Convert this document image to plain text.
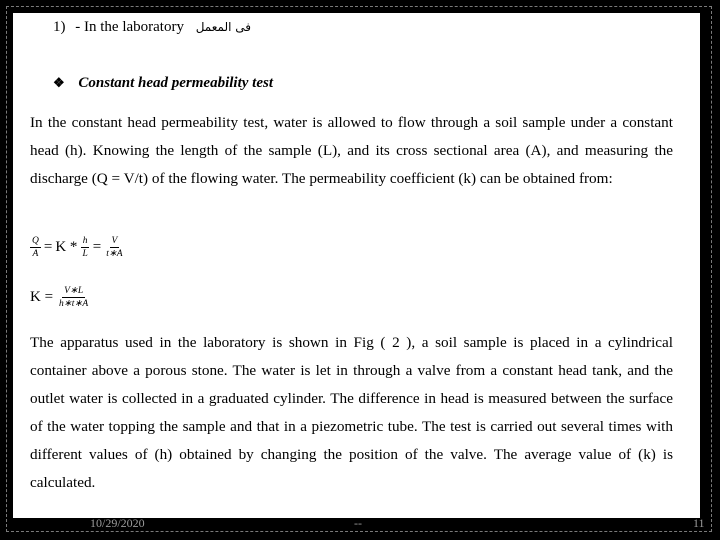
1) - In the laboratory فى المعمل
❖ Constant head permeability test
In the constant head permeability test, water is allowed to flow through a soil sample under a constant head (h). Knowing the length of the sample (L), and its cross sectional area (A), and measuring the discharge (Q = V/t) of the flowing water. The permeability coefficient (k) can be obtained from:
$\frac{Q}{A} = K * \frac{h}{L} = \frac{V}{t∗A}$
$K = \frac{V∗L}{h∗t∗A}$
The apparatus used in the laboratory is shown in Fig ( 2 ), a soil sample is placed in a cylindrical container above a porous stone. The water is let in through a valve from a constant head tank, and the outlet water is collected in a graduated cylinder. The difference in head is measured between the surface of the water topping the sample and that in a piezometric tube. The test is carried out several times with different values of (h) obtained by changing the position of the valve. The average value of (k) is calculated.
10/29/2020	--	11
